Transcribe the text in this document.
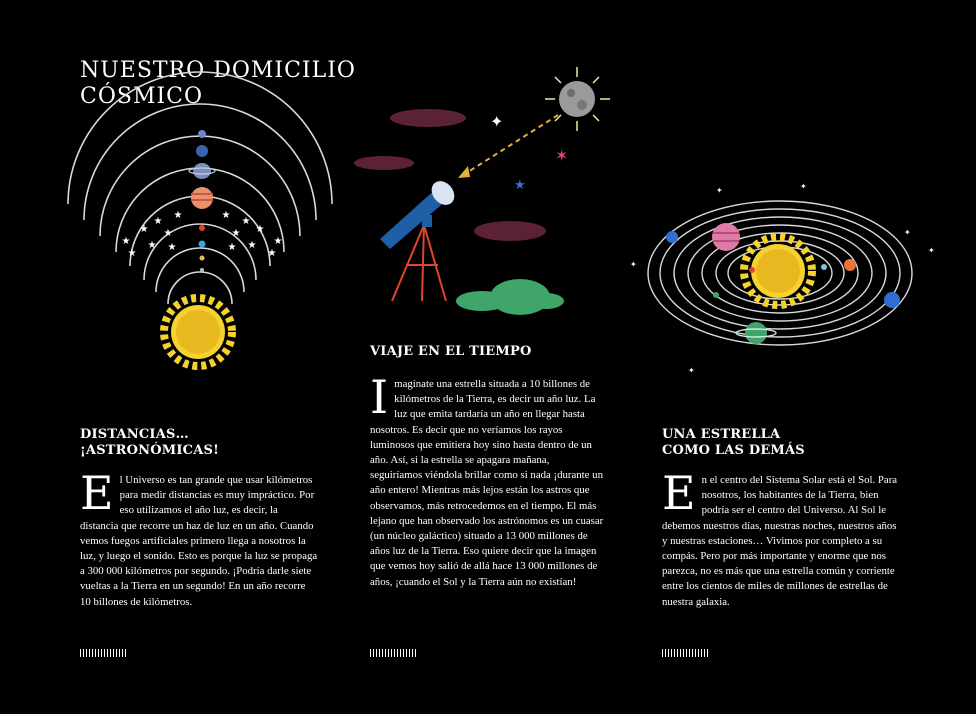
NUESTRO DOMICILIO
CÓSMICO
★	★
★	★
★	★
★	★
★	★
★	★
★	★
★	★
✦
✶
★	✦	✦
✦
✦
✦
✦
DISTANCIAS…
¡ASTRONÓMICAS!
El Universo es tan grande que usar kilómetros para medir distancias es muy impráctico. Por eso utilizamos el año luz, es decir, la distancia que recorre un haz de luz en un año. Cuando vemos fuegos artificiales primero llega a nosotros la luz, y luego el sonido. Esto es porque la luz se propaga a 300 000 kilómetros por segundo. ¡Podría darle siete vueltas a la Tierra en un segundo! En un año recorre 10 billones de kilómetros.
VIAJE EN EL TIEMPO
Imagínate una estrella situada a 10 billones de kilómetros de la Tierra, es decir un año luz. La luz que emita tardaría un año en llegar hasta nosotros. Es decir que no veríamos los rayos luminosos que emitiera hoy sino hasta dentro de un año. Así, si la estrella se apagara mañana, seguiríamos viéndola brillar como si nada ¡durante un año entero! Mientras más lejos están los astros que observamos, más retrocedemos en el tiempo. El más lejano que han observado los astrónomos es un cuasar (un núcleo galáctico) situado a 13 000 millones de años luz de la Tierra. Eso quiere decir que la imagen que vemos hoy salió de allá hace 13 000 millones de años, ¡cuando el Sol y la Tierra aún no existían!
UNA ESTRELLA
COMO LAS DEMÁS
En el centro del Sistema Solar está el Sol. Para nosotros, los habitantes de la Tierra, bien podría ser el centro del Universo. Al Sol le debemos nuestros días, nuestras noches, nuestros años y nuestras estaciones… Vivimos por completo a su compás. Pero por más importante y enorme que nos parezca, no es más que una estrella común y corriente entre los cientos de miles de millones de estrellas de nuestra galaxia.
